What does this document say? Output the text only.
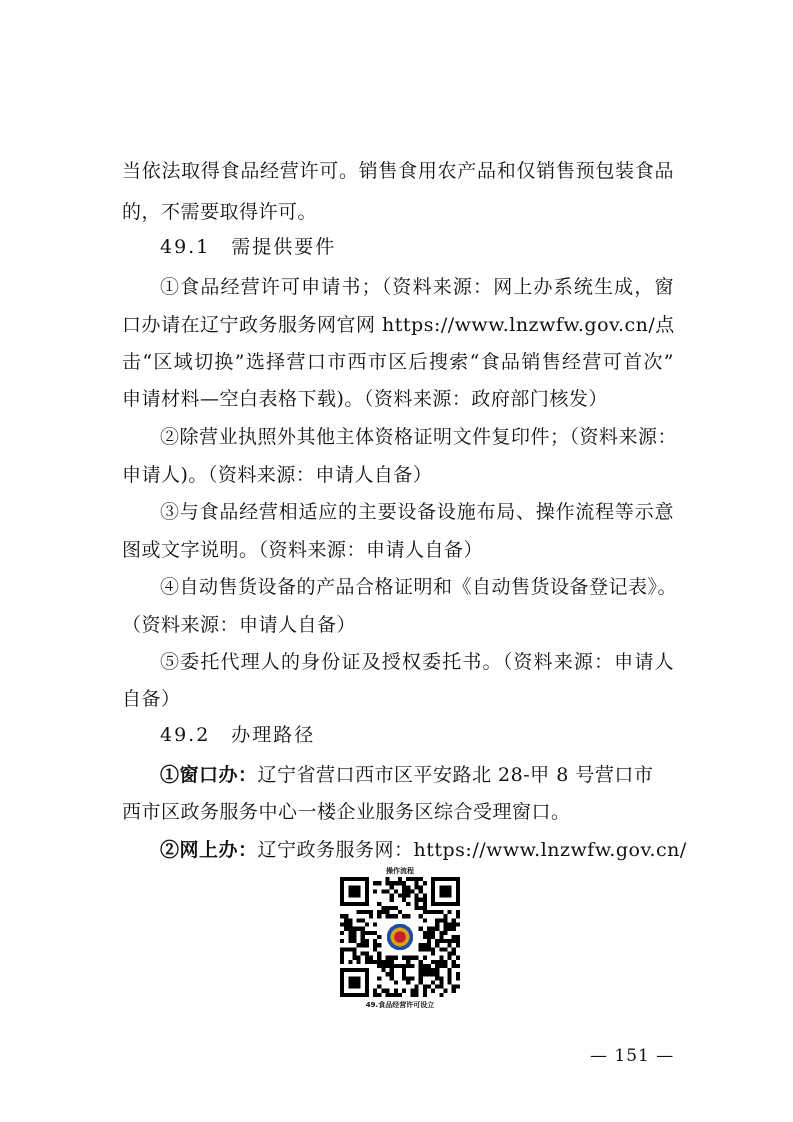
当依法取得食品经营许可。销售食用农产品和仅销售预包装食品
的，不需要取得许可。
49.1　需提供要件
①食品经营许可申请书；（资料来源：网上办系统生成，窗
口办请在辽宁政务服务网官网 https://www.lnzwfw.gov.cn/点
击“区域切换”选择营口市西市区后搜索“食品销售经营可首次”
申请材料—空白表格下载)。（资料来源：政府部门核发）
②除营业执照外其他主体资格证明文件复印件；（资料来源：
申请人)。（资料来源：申请人自备）
③与食品经营相适应的主要设备设施布局、操作流程等示意
图或文字说明。（资料来源：申请人自备）
④自动售货设备的产品合格证明和《自动售货设备登记表》。
（资料来源：申请人自备）
⑤委托代理人的身份证及授权委托书。（资料来源：申请人
自备）
49.2　办理路径
①窗口办：辽宁省营口西市区平安路北 28-甲 8 号营口市
西市区政务服务中心一楼企业服务区综合受理窗口。
②网上办：辽宁政务服务网：https://www.lnzwfw.gov.cn/
操作流程
49.食品经营许可设立
— 151 —
